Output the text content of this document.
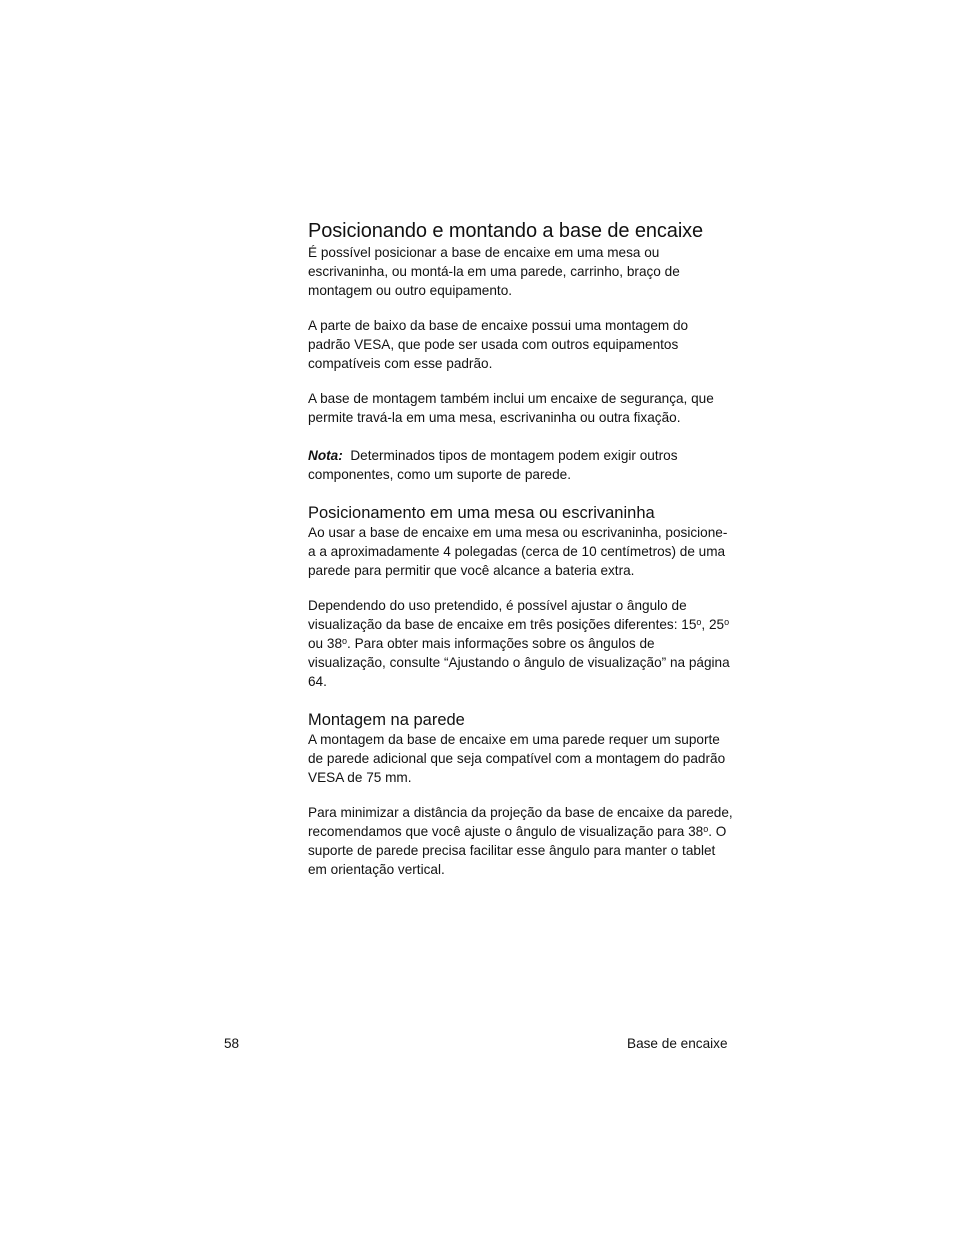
Posicionando e montando a base de encaixe

É possível posicionar a base de encaixe em uma mesa ou escrivaninha, ou montá-la em uma parede, carrinho, braço de montagem ou outro equipamento.

A parte de baixo da base de encaixe possui uma montagem do padrão VESA, que pode ser usada com outros equipamentos compatíveis com esse padrão.

A base de montagem também inclui um encaixe de segurança, que permite travá-la em uma mesa, escrivaninha ou outra fixação.

Nota: Determinados tipos de montagem podem exigir outros componentes, como um suporte de parede.

Posicionamento em uma mesa ou escrivaninha

Ao usar a base de encaixe em uma mesa ou escrivaninha, posicione-a a aproximadamente 4 polegadas (cerca de 10 centímetros) de uma parede para permitir que você alcance a bateria extra.

Dependendo do uso pretendido, é possível ajustar o ângulo de visualização da base de encaixe em três posições diferentes: 15$^o$, 25$^o$ ou 38$^o$. Para obter mais informações sobre os ângulos de visualização, consulte “Ajustando o ângulo de visualização” na página 64.

Montagem na parede

A montagem da base de encaixe em uma parede requer um suporte de parede adicional que seja compatível com a montagem do padrão VESA de 75 mm.

Para minimizar a distância da projeção da base de encaixe da parede, recomendamos que você ajuste o ângulo de visualização para 38$^o$. O suporte de parede precisa facilitar esse ângulo para manter o tablet em orientação vertical.

58	Base de encaixe
